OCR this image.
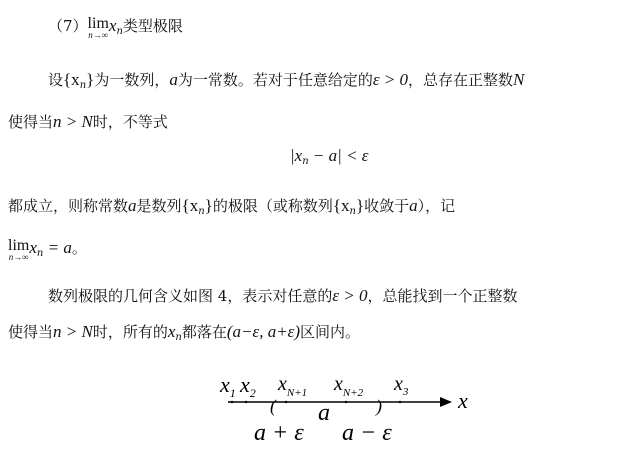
（7） lim
n→∞ $x_n$类型极限
设$\{x_n\}$为一数列，a为一常数。若对于任意给定的ε > 0，总存在正整数N
使得当n > N时，不等式
$|x_n - a| < \varepsilon$
都成立，则称常数a是数列$\{x_n\}$的极限（或称数列$\{x_n\}$收敛于a），记
lim
n→∞ $x_n = a$。
数列极限的几何含义如图 4，表示对任意的ε > 0，总能找到一个正整数
使得当n > N时，所有的$x_n$都落在(a−ε, a+ε)区间内。
$x_1$ $x_2$ $x_{N+1}$ $x_{N+2}$ $x_3$
(	)	x
a
a + ε a − ε
